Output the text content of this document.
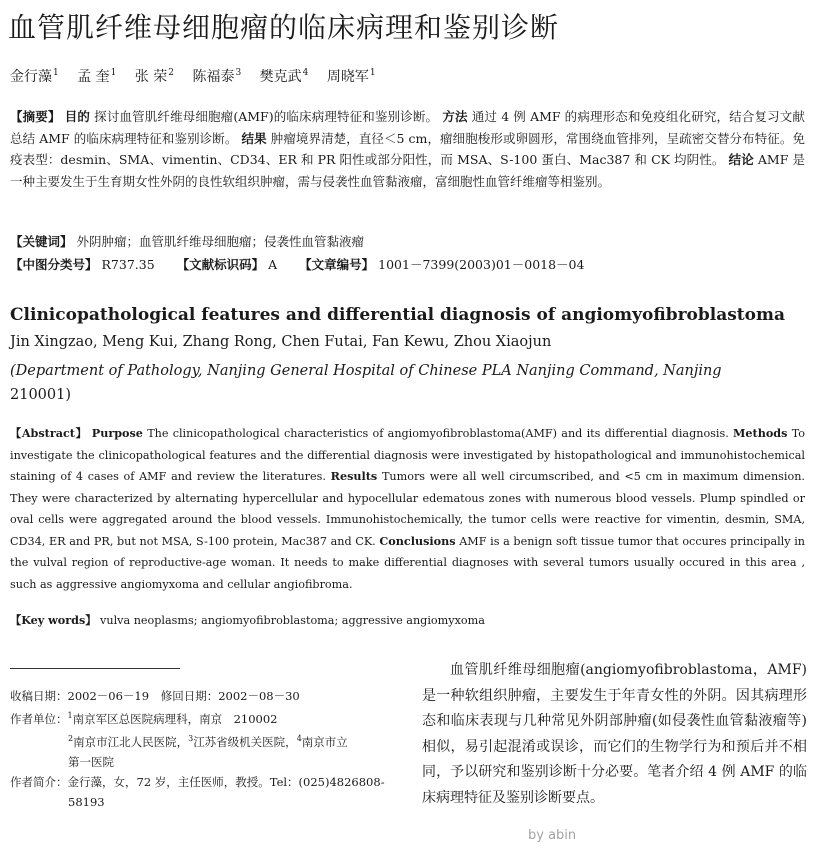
血管肌纤维母细胞瘤的临床病理和鉴别诊断
金行藻$^1$ 孟 奎$^1$ 张 荣$^2$ 陈福泰$^3$ 樊克武$^4$ 周晓军$^1$
【摘要】 目的 探讨血管肌纤维母细胞瘤(AMF)的临床病理特征和鉴别诊断。 方法 通过 4 例 AMF 的病理形态和免疫组化研究，结合复习文献总结 AMF 的临床病理特征和鉴别诊断。 结果 肿瘤境界清楚，直径＜5 cm，瘤细胞梭形或卵圆形，常围绕血管排列，呈疏密交替分布特征。免疫表型：desmin、SMA、vimentin、CD34、ER 和 PR 阳性或部分阳性，而 MSA、S-100 蛋白、Mac387 和 CK 均阴性。 结论 AMF 是一种主要发生于生育期女性外阴的良性软组织肿瘤，需与侵袭性血管黏液瘤，富细胞性血管纤维瘤等相鉴别。
【关键词】 外阴肿瘤；血管肌纤维母细胞瘤；侵袭性血管黏液瘤
【中图分类号】 R737.35 【文献标识码】 A 【文章编号】 1001－7399(2003)01－0018－04
Clinicopathological features and differential diagnosis of angiomyofibroblastoma
Jin Xingzao, Meng Kui, Zhang Rong, Chen Futai, Fan Kewu, Zhou Xiaojun
(Department of Pathology, Nanjing General Hospital of Chinese PLA Nanjing Command, Nanjing
210001)
【Abstract】 Purpose The clinicopathological characteristics of angiomyofibroblastoma(AMF) and its differential diagnosis. Methods To investigate the clinicopathological features and the differential diagnosis were investigated by histopathological and immunohistochemical staining of 4 cases of AMF and review the literatures. Results Tumors were all well circumscribed, and <5 cm in maximum dimension. They were characterized by alternating hypercellular and hypocellular edematous zones with numerous blood vessels. Plump spindled or oval cells were aggregated around the blood vessels. Immunohistochemically, the tumor cells were reactive for vimentin, desmin, SMA, CD34, ER and PR, but not MSA, S-100 protein, Mac387 and CK. Conclusions AMF is a benign soft tissue tumor that occures principally in the vulval region of reproductive-age woman. It needs to make differential diagnoses with several tumors usually occured in this area , such as aggressive angiomyxoma and cellular angiofibroma.
【Key words】 vulva neoplasms; angiomyofibroblastoma; aggressive angiomyxoma
收稿日期：2002－06－19 修回日期：2002－08－30
作者单位：$^1$南京军区总医院病理科，南京　210002
$^2$南京市江北人民医院，$^3$江苏省级机关医院，$^4$南京市立
第一医院
作者简介：金行藻，女，72 岁，主任医师，教授。Tel：(025)4826808-
58193
血管肌纤维母细胞瘤(angiomyofibroblastoma，AMF)是一种软组织肿瘤，主要发生于年青女性的外阴。因其病理形态和临床表现与几种常见外阴部肿瘤(如侵袭性血管黏液瘤等)相似，易引起混淆或误诊，而它们的生物学行为和预后并不相同，予以研究和鉴别诊断十分必要。笔者介绍 4 例 AMF 的临床病理特征及鉴别诊断要点。
by abin
